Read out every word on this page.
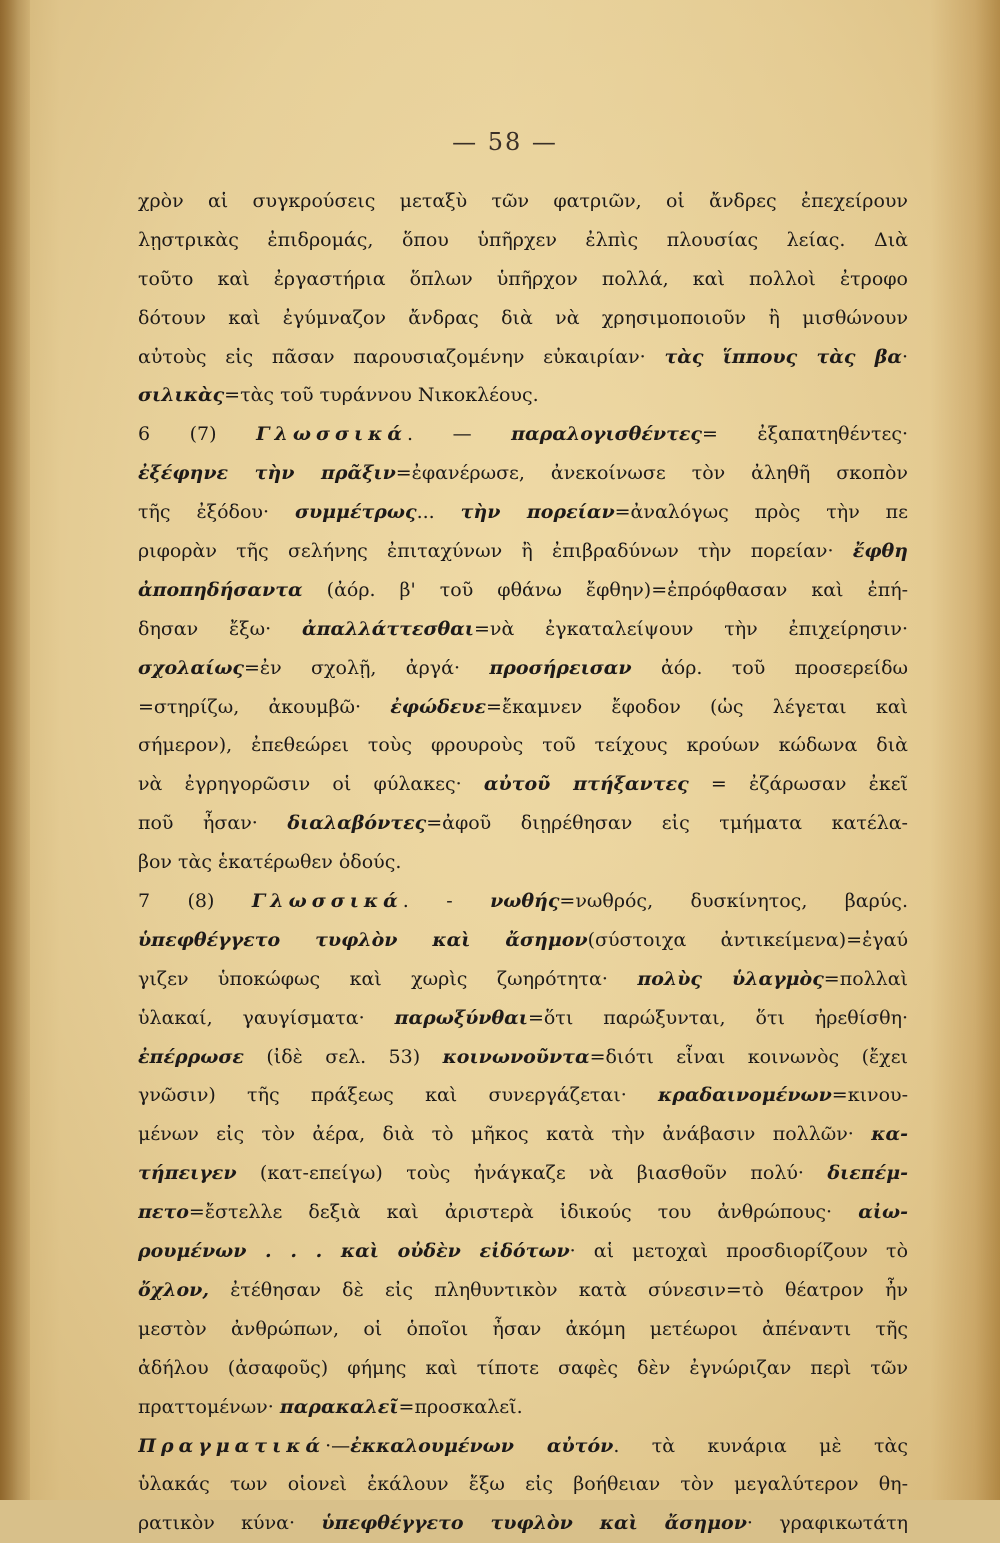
— 58 —
χρὸν αἱ συγκρούσεις μεταξὺ τῶν φατριῶν, οἱ ἄνδρες ἐπεχείρουν
λῃστρικὰς ἐπιδρομάς, ὅπου ὑπῆρχεν ἐλπὶς πλουσίας λείας. Διὰ
τοῦτο καὶ ἐργαστήρια ὅπλων ὑπῆρχον πολλά, καὶ πολλοὶ ἐτροφο
δότουν καὶ ἐγύμναζον ἄνδρας διὰ νὰ χρησιμοποιοῦν ἢ μισθώνουν
αὐτοὺς εἰς πᾶσαν παρουσιαζομένην εὐκαιρίαν· τὰς ἵππους τὰς βα·
σιλικὰς=τὰς τοῦ τυράννου Νικοκλέους.
6 (7) Γλωσσικά. — παραλογισθέντες= ἐξαπατηθέντες·
ἐξέφηνε τὴν πρᾶξιν=ἐφανέρωσε, ἀνεκοίνωσε τὸν ἀληθῆ σκοπὸν
τῆς ἐξόδου· συμμέτρως... τὴν πορείαν=ἀναλόγως πρὸς τὴν πε
ριφορὰν τῆς σελήνης ἐπιταχύνων ἢ ἐπιβραδύνων τὴν πορείαν· ἔφθη
ἀποπηδήσαντα (ἀόρ. β' τοῦ φθάνω ἔφθην)=ἐπρόφθασαν καὶ ἐπή-
δησαν ἔξω· ἀπαλλάττεσθαι=νὰ ἐγκαταλείψουν τὴν ἐπιχείρησιν·
σχολαίως=ἐν σχολῇ, ἀργά· προσήρεισαν ἀόρ. τοῦ προσερείδω
=στηρίζω, ἀκουμβῶ· ἐφώδευε=ἔκαμνεν ἔφοδον (ὡς λέγεται καὶ
σήμερον), ἐπεθεώρει τοὺς φρουροὺς τοῦ τείχους κρούων κώδωνα διὰ
νὰ ἐγρηγορῶσιν οἱ φύλακες· αὐτοῦ πτήξαντες = ἐζάρωσαν ἐκεῖ
ποῦ ἦσαν· διαλαβόντες=ἀφοῦ διῃρέθησαν εἰς τμήματα κατέλα-
βον τὰς ἑκατέρωθεν ὁδούς.
7 (8) Γλωσσικά. - νωθής=νωθρός, δυσκίνητος, βαρύς.
ὑπεφθέγγετο τυφλὸν καὶ ἄσημον(σύστοιχα ἀντικείμενα)=ἐγαύ
γιζεν ὑποκώφως καὶ χωρὶς ζωηρότητα· πολὺς ὑλαγμὸς=πολλαὶ
ὑλακαί, γαυγίσματα· παρωξύνθαι=ὅτι παρώξυνται, ὅτι ἠρεθίσθη·
ἐπέρρωσε (ἰδὲ σελ. 53) κοινωνοῦντα=διότι εἶναι κοινωνὸς (ἔχει
γνῶσιν) τῆς πράξεως καὶ συνεργάζεται· κραδαινομένων=κινου-
μένων εἰς τὸν ἀέρα, διὰ τὸ μῆκος κατὰ τὴν ἀνάβασιν πολλῶν· κα-
τήπειγεν (κατ-επείγω) τοὺς ἠνάγκαζε νὰ βιασθοῦν πολύ· διεπέμ-
πετο=ἔστελλε δεξιὰ καὶ ἀριστερὰ ἰδικούς του ἀνθρώπους· αἰω-
ρουμένων . . . καὶ οὐδὲν εἰδότων· αἱ μετοχαὶ προσδιορίζουν τὸ
ὄχλον, ἐτέθησαν δὲ εἰς πληθυντικὸν κατὰ σύνεσιν=τὸ θέατρον ἦν
μεστὸν ἀνθρώπων, οἱ ὁποῖοι ἦσαν ἀκόμη μετέωροι ἀπέναντι τῆς
ἀδήλου (ἀσαφοῦς) φήμης καὶ τίποτε σαφὲς δὲν ἐγνώριζαν περὶ τῶν
πραττομένων· παρακαλεῖ=προσκαλεῖ.
Πραγματικά·—ἐκκαλουμένων αὐτόν. τὰ κυνάρια μὲ τὰς
ὑλακάς των οἱονεὶ ἐκάλουν ἔξω εἰς βοήθειαν τὸν μεγαλύτερον θη-
ρατικὸν κύνα· ὑπεφθέγγετο τυφλὸν καὶ ἄσημον· γραφικωτάτη
